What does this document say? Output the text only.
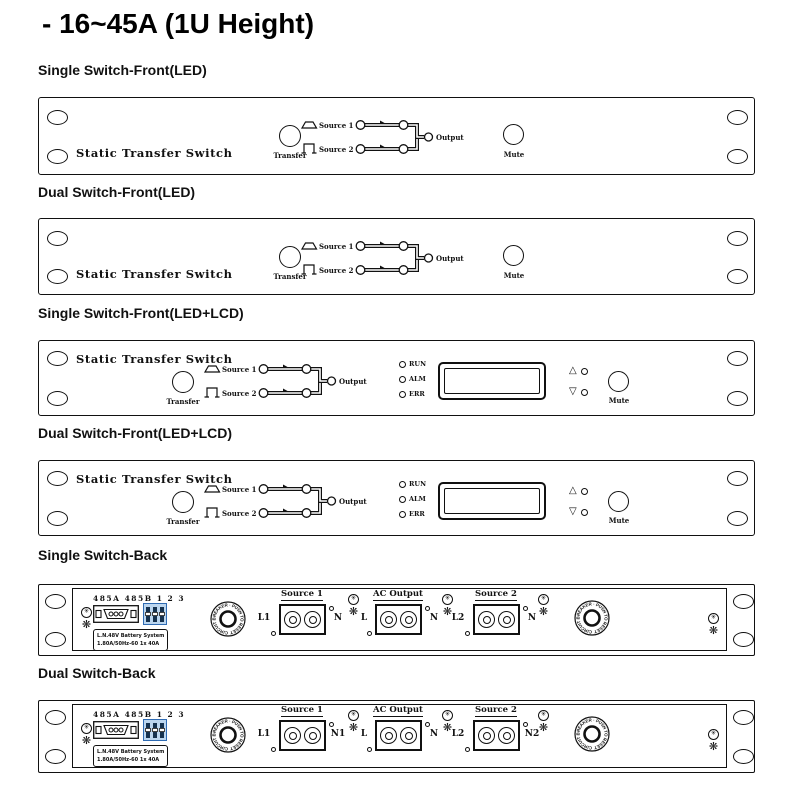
- 16~45A (1U Height)
Single Switch-Front(LED)
Dual Switch-Front(LED)
Single Switch-Front(LED+LCD)
Dual Switch-Front(LED+LCD)
Single Switch-Back
Dual Switch-Back
Static Transfer Switch	Transfer
Source 1
Source 2
Output
Mute
Static Transfer Switch	Transfer
Source 1
Source 2
Output
Mute
Static Transfer Switch
Transfer
Source 1
Source 2
Output
RUN
ALM
ERR
△
▽
Mute
Static Transfer Switch
Transfer
Source 1
Source 2
Output
RUN
ALM
ERR
△
▽
Mute
✳
❋
485A 485B 1 2 3
L.N.48V Battery System
1.80A/50Hz-60 1x 40A
CIRCUIT BREAKER · PUSH TO RESET
Source 1
L1	N
✳
❋ L
AC Output
N
✳
❋ L2
Source 2
N
✳
❋
CIRCUIT BREAKER · PUSH TO RESET
✳
❋
✳
❋
485A 485B 1 2 3
L.N.48V Battery System
1.80A/50Hz-60 1x 40A
CIRCUIT BREAKER · PUSH TO RESET
Source 1
L1	N1
✳
❋ L
AC Output
N
✳
❋ L2
Source 2
N2
✳
❋
CIRCUIT BREAKER · PUSH TO RESET
✳
❋
